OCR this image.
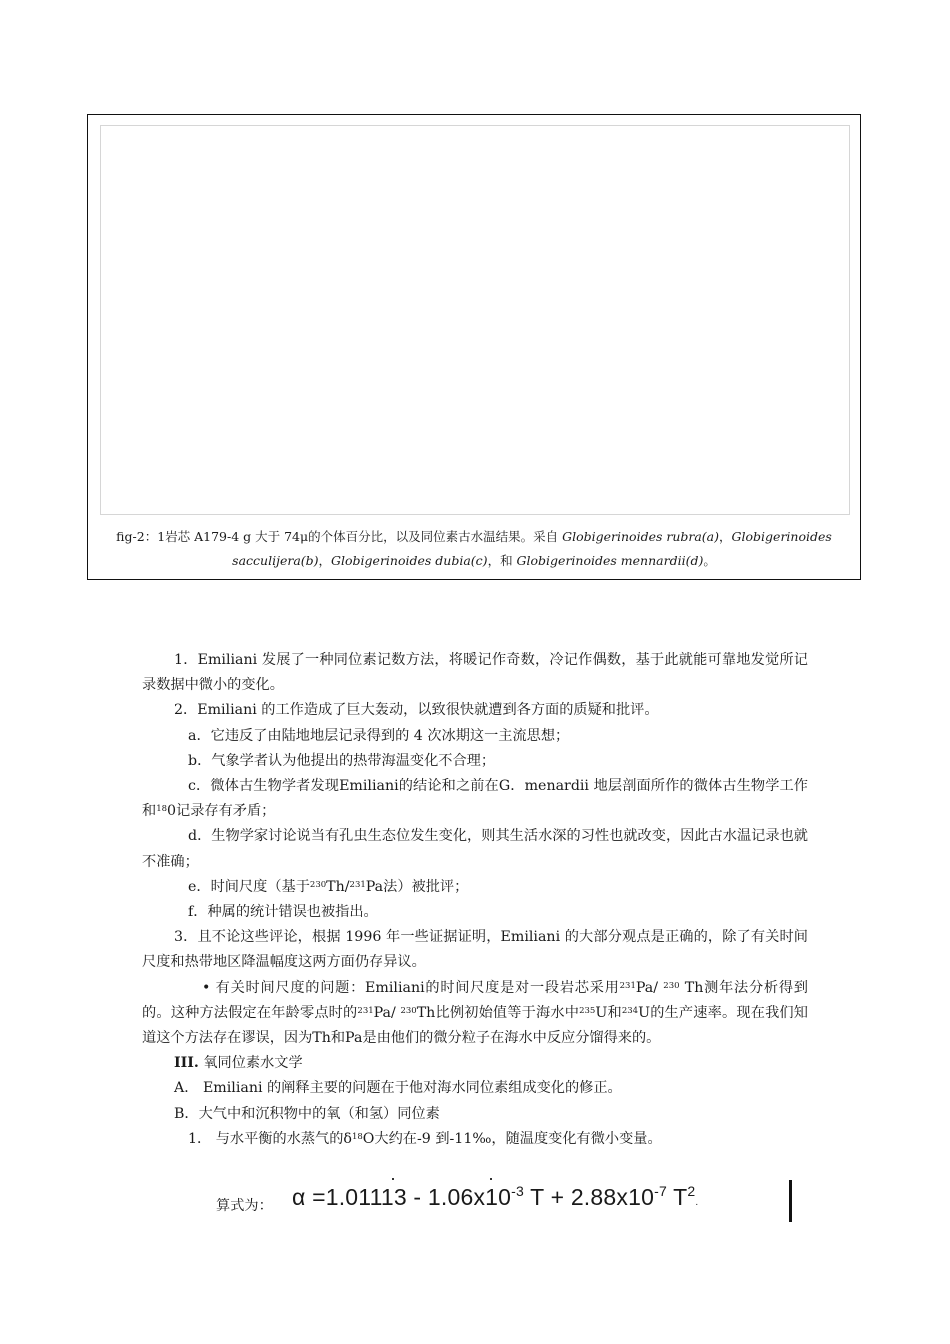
fig-2：1岩芯 A179-4 g 大于 74μ的个体百分比，以及同位素古水温结果。采自 Globigerinoides rubra(a)，Globigerinoides
sacculijera(b)，Globigerinoides dubia(c)，和 Globigerinoides mennardii(d)。

1．Emiliani 发展了一种同位素记数方法，将暖记作奇数，冷记作偶数，基于此就能可靠地发觉所记录数据中微小的变化。

2．Emiliani 的工作造成了巨大轰动，以致很快就遭到各方面的质疑和批评。

a．它违反了由陆地地层记录得到的 4 次冰期这一主流思想；

b．气象学者认为他提出的热带海温变化不合理；

c．微体古生物学者发现Emiliani的结论和之前在G．menardii 地层剖面所作的微体古生物学工作和$^{18}$0记录存有矛盾；

d．生物学家讨论说当有孔虫生态位发生变化，则其生活水深的习性也就改变，因此古水温记录也就不准确；

e．时间尺度（基于$^{230}$Th/$^{231}$Pa法）被批评；

f．种属的统计错误也被指出。

3．且不论这些评论，根据 1996 年一些证据证明，Emiliani 的大部分观点是正确的，除了有关时间尺度和热带地区降温幅度这两方面仍存异议。

• 有关时间尺度的问题：Emiliani的时间尺度是对一段岩芯采用$^{231}$Pa/ $^{230}$ Th测年法分析得到的。这种方法假定在年龄零点时的$^{231}$Pa/ $^{230}$Th比例初始值等于海水中$^{235}$U和$^{234}$U的生产速率。现在我们知道这个方法存在谬误，因为Th和Pa是由他们的微分粒子在海水中反应分馏得来的。

III. 氧同位素水文学

A． Emiliani 的阐释主要的问题在于他对海水同位素组成变化的修正。

B．大气中和沉积物中的氧（和氢）同位素

1． 与水平衡的水蒸气的$\delta^{18}O$大约在-9 到-11‰，随温度变化有微小变量。

算式为： $\alpha =1.01113 - 1.06x10^{-3}$ $T + 2.88x10^{-7}$ $T^2$.
